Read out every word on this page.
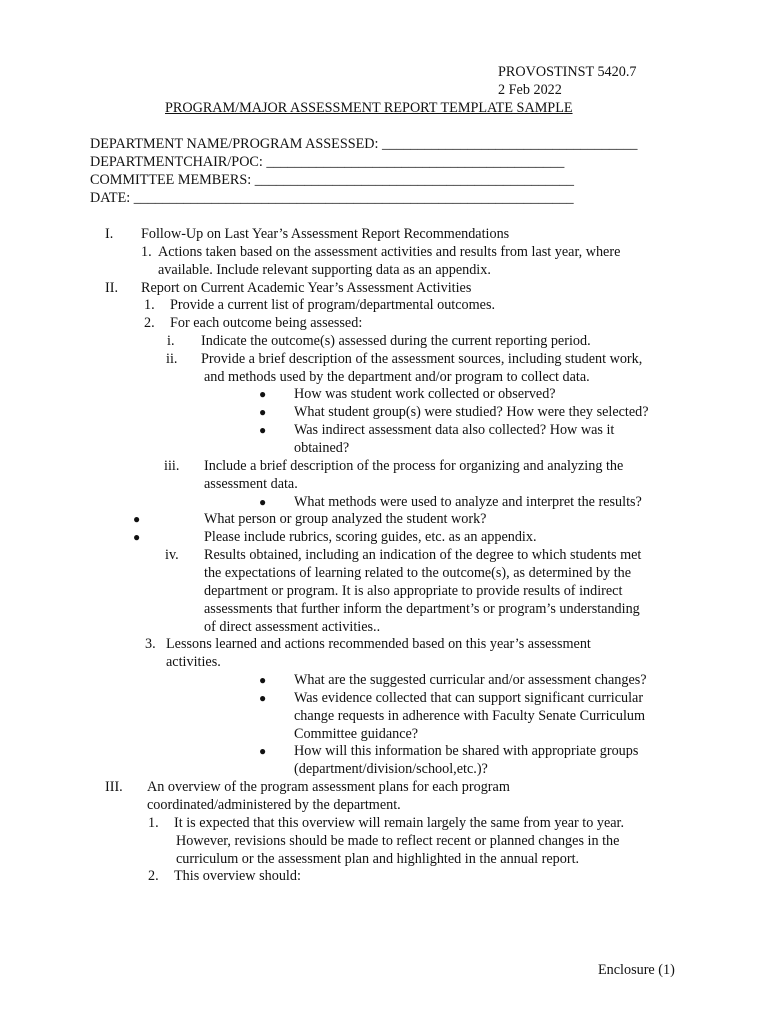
PROVOSTINST 5420.7
2 Feb 2022
PROGRAM/MAJOR ASSESSMENT REPORT TEMPLATE SAMPLE
DEPARTMENT NAME/PROGRAM ASSESSED: ____________________________________
DEPARTMENTCHAIR/POC: __________________________________________
COMMITTEE MEMBERS: _____________________________________________
DATE: ______________________________________________________________
I. Follow-Up on Last Year’s Assessment Report Recommendations
1. Actions taken based on the assessment activities and results from last year, where
available. Include relevant supporting data as an appendix.
II. Report on Current Academic Year’s Assessment Activities
1. Provide a current list of program/departmental outcomes.
2. For each outcome being assessed:
i. Indicate the outcome(s) assessed during the current reporting period.
ii. Provide a brief description of the assessment sources, including student work,
and methods used by the department and/or program to collect data.
● How was student work collected or observed?
● What student group(s) were studied? How were they selected?
● Was indirect assessment data also collected? How was it
obtained?
iii. Include a brief description of the process for organizing and analyzing the
assessment data.
● What methods were used to analyze and interpret the results?
●	What person or group analyzed the student work?
●	Please include rubrics, scoring guides, etc. as an appendix.
iv. Results obtained, including an indication of the degree to which students met
the expectations of learning related to the outcome(s), as determined by the
department or program. It is also appropriate to provide results of indirect
assessments that further inform the department’s or program’s understanding
of direct assessment activities..
3. Lessons learned and actions recommended based on this year’s assessment
activities.
● What are the suggested curricular and/or assessment changes?
● Was evidence collected that can support significant curricular
change requests in adherence with Faculty Senate Curriculum
Committee guidance?
● How will this information be shared with appropriate groups
(department/division/school,etc.)?
III. An overview of the program assessment plans for each program
coordinated/administered by the department.
1. It is expected that this overview will remain largely the same from year to year.
However, revisions should be made to reflect recent or planned changes in the
curriculum or the assessment plan and highlighted in the annual report.
2. This overview should:
Enclosure (1)
